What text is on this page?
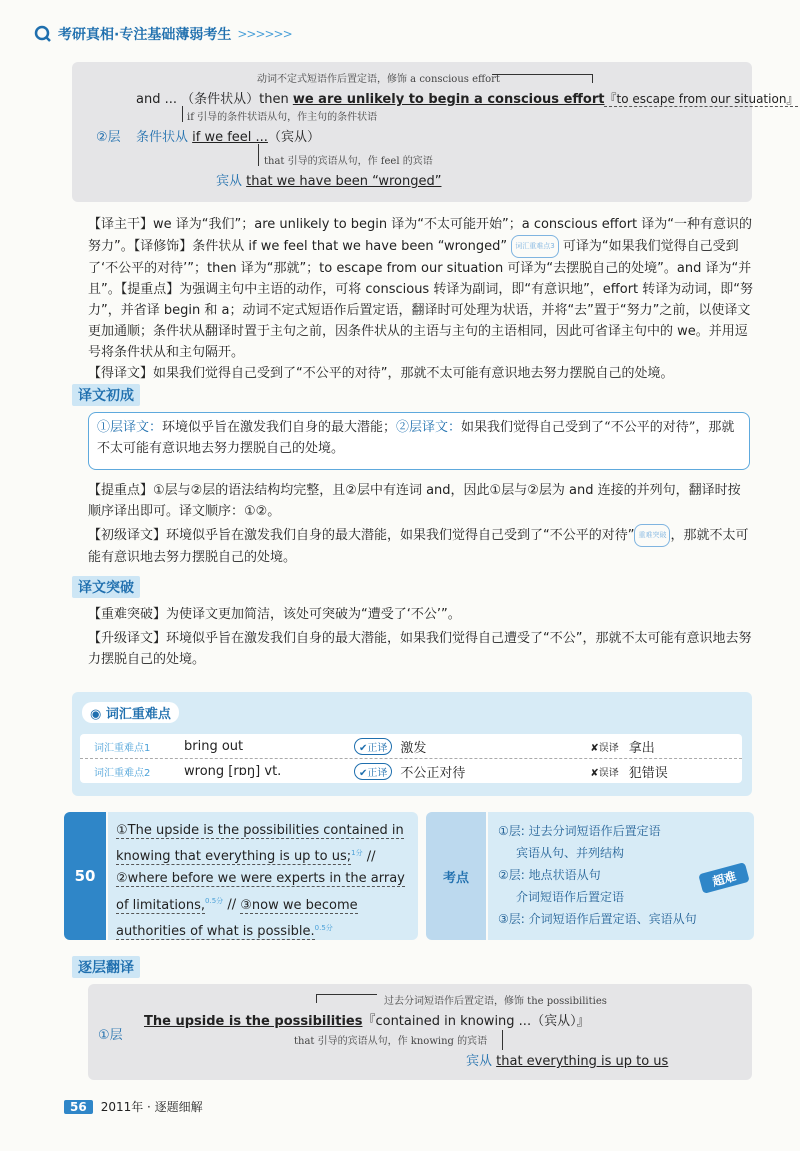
考研真相·专注基础薄弱考生 >>>>>>
动词不定式短语作后置定语，修饰 a conscious effort
and ... （条件状从）then we are unlikely to begin a conscious effort『to escape from our situation』
if 引导的条件状语从句，作主句的条件状语
②层 条件状从 if we feel ...（宾从）
that 引导的宾语从句，作 feel 的宾语
宾从 that we have been “wronged”
【译主干】we 译为“我们”；are unlikely to begin 译为“不太可能开始”；a conscious effort 译为“一种有意识的努力”。【译修饰】条件状从 if we feel that we have been “wronged” 词汇重难点3 可译为“如果我们觉得自己受到了‘不公平的对待’”；then 译为“那就”；to escape from our situation 可译为“去摆脱自己的处境”。and 译为“并且”。【提重点】为强调主句中主语的动作，可将 conscious 转译为副词，即“有意识地”，effort 转译为动词，即“努力”，并省译 begin 和 a；动词不定式短语作后置定语，翻译时可处理为状语，并将“去”置于“努力”之前，以使译文更加通顺；条件状从翻译时置于主句之前，因条件状从的主语与主句的主语相同，因此可省译主句中的 we。并用逗号将条件状从和主句隔开。
【得译文】如果我们觉得自己受到了“不公平的对待”，那就不太可能有意识地去努力摆脱自己的处境。
译文初成
①层译文：环境似乎旨在激发我们自身的最大潜能；②层译文：如果我们觉得自己受到了“不公平的对待”，那就不太可能有意识地去努力摆脱自己的处境。
【提重点】①层与②层的语法结构均完整，且②层中有连词 and，因此①层与②层为 and 连接的并列句，翻译时按顺序译出即可。译文顺序：①②。
【初级译文】环境似乎旨在激发我们自身的最大潜能，如果我们觉得自己受到了“不公平的对待” 重难突破 ，那就不太可能有意识地去努力摆脱自己的处境。
译文突破
【重难突破】为使译文更加简洁，该处可突破为“遭受了‘不公’”。
【升级译文】环境似乎旨在激发我们自身的最大潜能，如果我们觉得自己遭受了“不公”，那就不太可能有意识地去努力摆脱自己的处境。
◉ 词汇重难点
词汇重难点1	bring out	✔正译	激发	✘误译 拿出
词汇重难点2	wrong [rɒŋ] vt.	✔正译	不公正对待	✘误译 犯错误
50
①The upside is the possibilities contained in knowing that everything is up to us;$^{1分}$ // ②where before we were experts in the array of limitations,$^{0.5分}$ // ③now we become authorities of what is possible.$^{0.5分}$
考点
①层: 过去分词短语作后置定语
宾语从句、并列结构
②层: 地点状语从句
介词短语作后置定语
③层: 介词短语作后置定语、宾语从句
超难
逐层翻译
过去分词短语作后置定语，修饰 the possibilities
①层
The upside is the possibilities『contained in knowing ...（宾从）』
that 引导的宾语从句，作 knowing 的宾语
宾从 that everything is up to us
56	2011年 · 逐题细解
